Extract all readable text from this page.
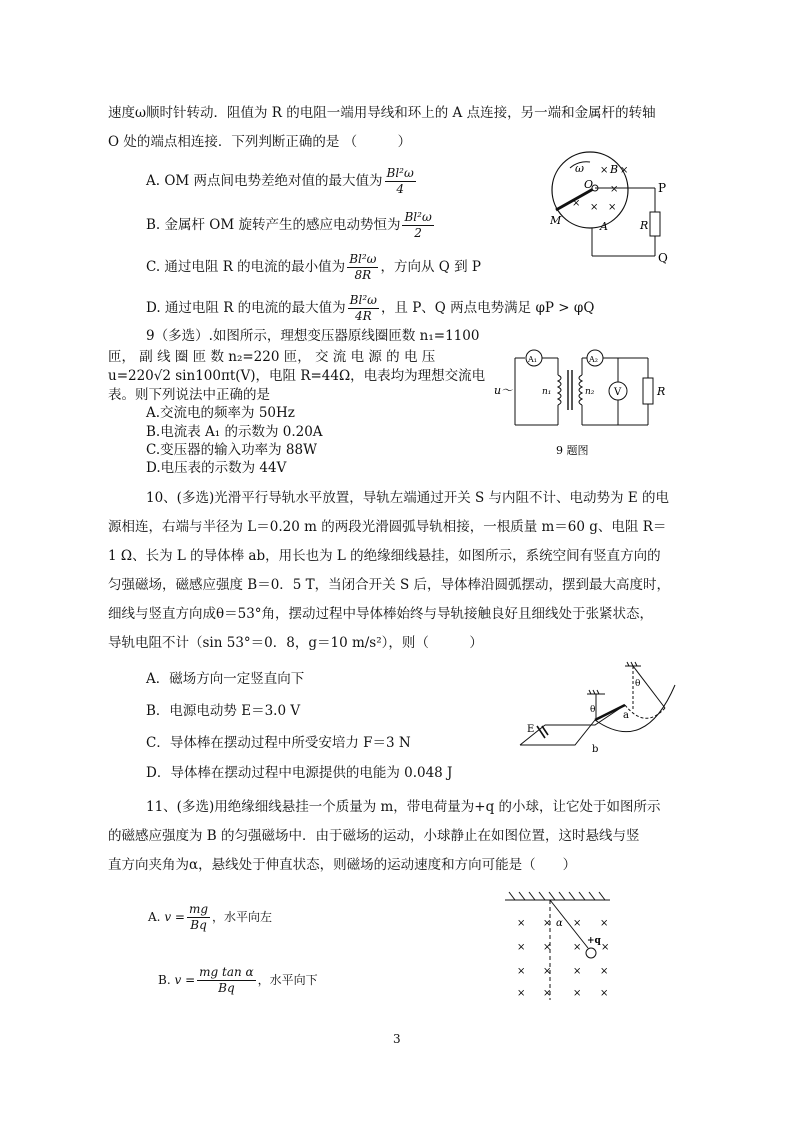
速度ω顺时针转动．阻值为 R 的电阻一端用导线和环上的 A 点连接，另一端和金属杆的转轴
O 处的端点相连接．下列判断正确的是 （　　　）
A. OM 两点间电势差绝对值的最大值为 $\frac{\text{Bl²ω}}{4}$
B. 金属杆 OM 旋转产生的感应电动势恒为 $\frac{\text{Bl²ω}}{2}$
C. 通过电阻 R 的电流的最小值为 $\frac{\text{Bl²ω}}{8R}$ ，方向从 Q 到 P
D. 通过电阻 R 的电流的最大值为 $\frac{\text{Bl²ω}}{4R}$ ，且 P、Q 两点电势满足 φP > φQ
ω
O
M	A
× B ×
×
× × ×
P
Q
R
9（多选）.如图所示，理想变压器原线圈匝数 n₁=1100
匝， 副 线 圈 匝 数 n₂=220 匝， 交 流 电 源 的 电 压
u=220√2 sin100πt(V)，电阻 R=44Ω，电表均为理想交流电
表。则下列说法中正确的是
A.交流电的频率为 50Hz
B.电流表 A₁ 的示数为 0.20A
C.变压器的输入功率为 88W
D.电压表的示数为 44V
A₁
u～	n₁	n₂
A₂
V	R
9 题图
10、(多选)光滑平行导轨水平放置，导轨左端通过开关 S 与内阻不计、电动势为 E 的电
源相连，右端与半径为 L＝0.20 m 的两段光滑圆弧导轨相接，一根质量 m＝60 g、电阻 R＝
1 Ω、长为 L 的导体棒 ab，用长也为 L 的绝缘细线悬挂，如图所示，系统空间有竖直方向的
匀强磁场，磁感应强度 B＝0．5 T，当闭合开关 S 后，导体棒沿圆弧摆动，摆到最大高度时，
细线与竖直方向成θ＝53°角，摆动过程中导体棒始终与导轨接触良好且细线处于张紧状态，
导轨电阻不计（sin 53°＝0．8，g＝10 m/s²），则（　　　）
A．磁场方向一定竖直向下
B．电源电动势 E＝3.0 V
C．导体棒在摆动过程中所受安培力 F＝3 N
D．导体棒在摆动过程中电源提供的电能为 0.048 J
θ
θ
E
b
a
11、(多选)用绝缘细线悬挂一个质量为 m，带电荷量为+q 的小球，让它处于如图所示
的磁感应强度为 B 的匀强磁场中．由于磁场的运动，小球静止在如图位置，这时悬线与竖
直方向夹角为α，悬线处于伸直状态，则磁场的运动速度和方向可能是（　　）
A. $v = \frac{mg}{Bq}$ ，水平向左
B. $v = \frac{\text{mg tan α}}{Bq}$ ，水平向下
α
+q
× × × ×
× × × ×
× × × ×
× × × ×
3
